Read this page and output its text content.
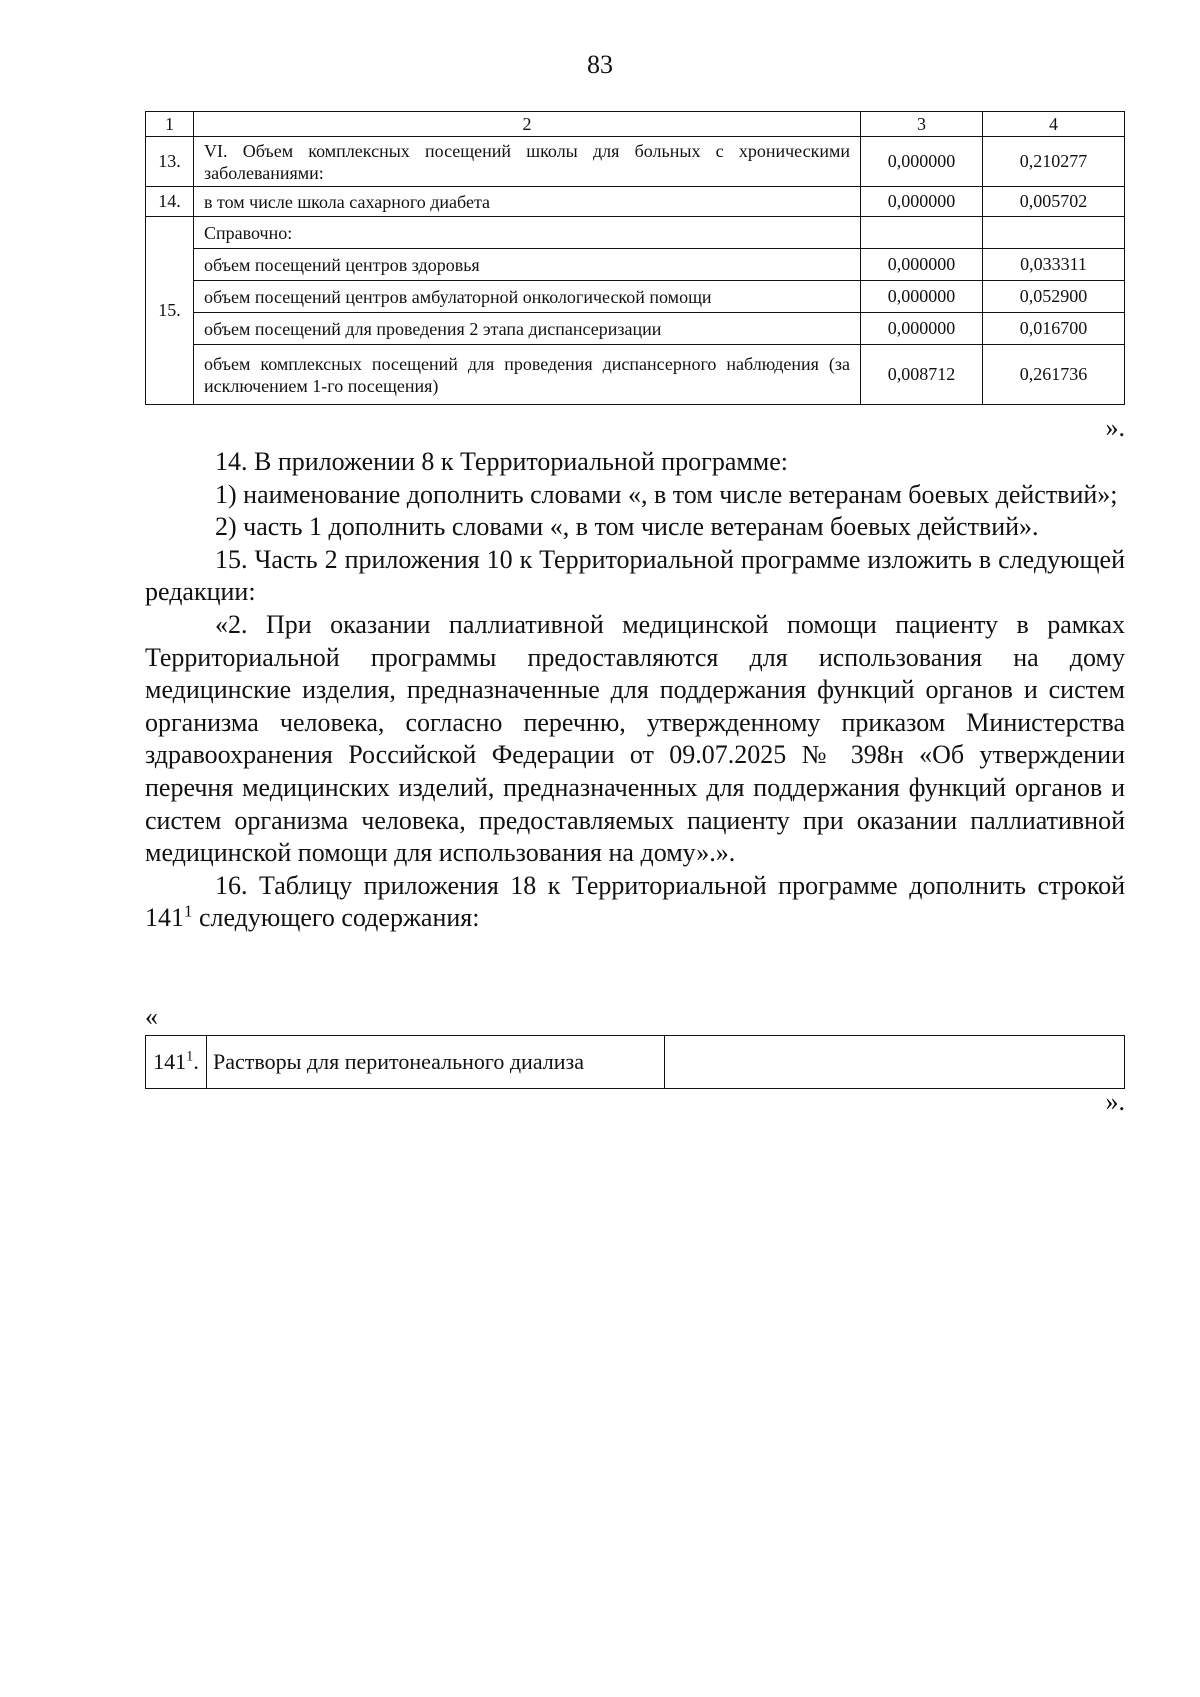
83
1	2	3	4
13.	VI. Объем комплексных посещений школы для больных с хроническими заболеваниями:	0,000000	0,210277
14.	в том числе школа сахарного диабета	0,000000	0,005702
15.	Справочно:		
	объем посещений центров здоровья	0,000000	0,033311
	объем посещений центров амбулаторной онкологической помощи	0,000000	0,052900
	объем посещений для проведения 2 этапа диспансеризации	0,000000	0,016700
	объем комплексных посещений для проведения диспансерного наблюдения (за исключением 1-го посещения)	0,008712	0,261736
».

14. В приложении 8 к Территориальной программе:

1) наименование дополнить словами «, в том числе ветеранам боевых действий»;

2) часть 1 дополнить словами «, в том числе ветеранам боевых действий».

15. Часть 2 приложения 10 к Территориальной программе изложить в следующей редакции:

«2. При оказании паллиативной медицинской помощи пациенту в рамках Территориальной программы предоставляются для использования на дому медицинские изделия, предназначенные для поддержания функций органов и систем организма человека, согласно перечню, утвержденному приказом Министерства здравоохранения Российской Федерации от 09.07.2025 № 398н «Об утверждении перечня медицинских изделий, предназначенных для поддержания функций органов и систем организма человека, предоставляемых пациенту при оказании паллиативной медицинской помощи для использования на дому».».

16. Таблицу приложения 18 к Территориальной программе дополнить строкой $141^1$ следующего содержания:

«
$141^1$.	Растворы для перитонеального диализа	
».
